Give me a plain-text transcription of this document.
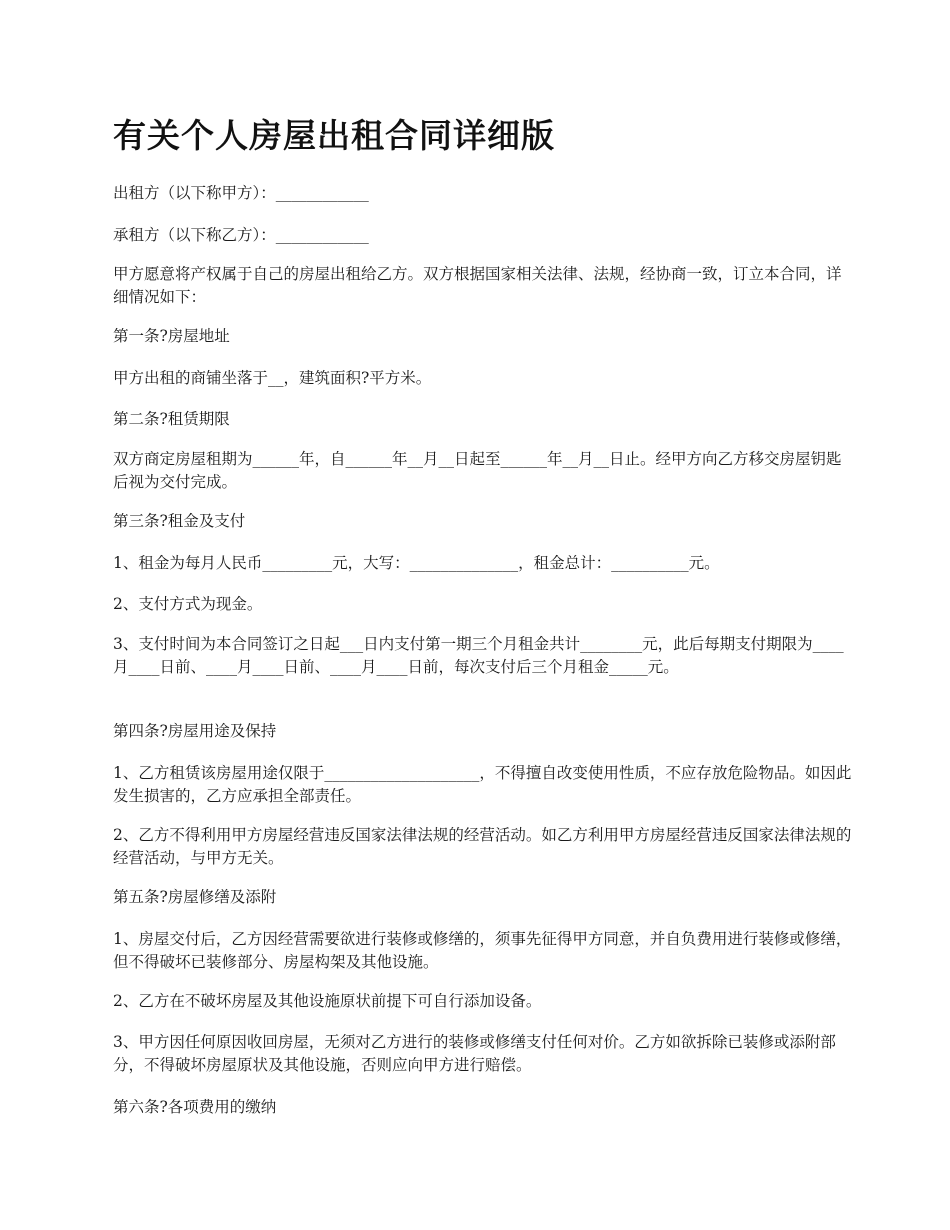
有关个人房屋出租合同详细版

出租方（以下称甲方）：____________

承租方（以下称乙方）：____________

甲方愿意将产权属于自己的房屋出租给乙方。双方根据国家相关法律、法规，经协商一致，订立本合同，详细情况如下：

第一条?房屋地址

甲方出租的商铺坐落于__，建筑面积?平方米。

第二条?租赁期限

双方商定房屋租期为______年，自______年__月__日起至______年__月__日止。经甲方向乙方移交房屋钥匙后视为交付完成。

第三条?租金及支付

1、租金为每月人民币_________元，大写：______________，租金总计：__________元。

2、支付方式为现金。

3、支付时间为本合同签订之日起___日内支付第一期三个月租金共计________元，此后每期支付期限为____月____日前、____月____日前、____月____日前，每次支付后三个月租金_____元。

第四条?房屋用途及保持

1、乙方租赁该房屋用途仅限于____________________，不得擅自改变使用性质，不应存放危险物品。如因此发生损害的，乙方应承担全部责任。

2、乙方不得利用甲方房屋经营违反国家法律法规的经营活动。如乙方利用甲方房屋经营违反国家法律法规的经营活动，与甲方无关。

第五条?房屋修缮及添附

1、房屋交付后，乙方因经营需要欲进行装修或修缮的，须事先征得甲方同意，并自负费用进行装修或修缮，但不得破坏已装修部分、房屋构架及其他设施。

2、乙方在不破坏房屋及其他设施原状前提下可自行添加设备。

3、甲方因任何原因收回房屋，无须对乙方进行的装修或修缮支付任何对价。乙方如欲拆除已装修或添附部分，不得破坏房屋原状及其他设施，否则应向甲方进行赔偿。

第六条?各项费用的缴纳
